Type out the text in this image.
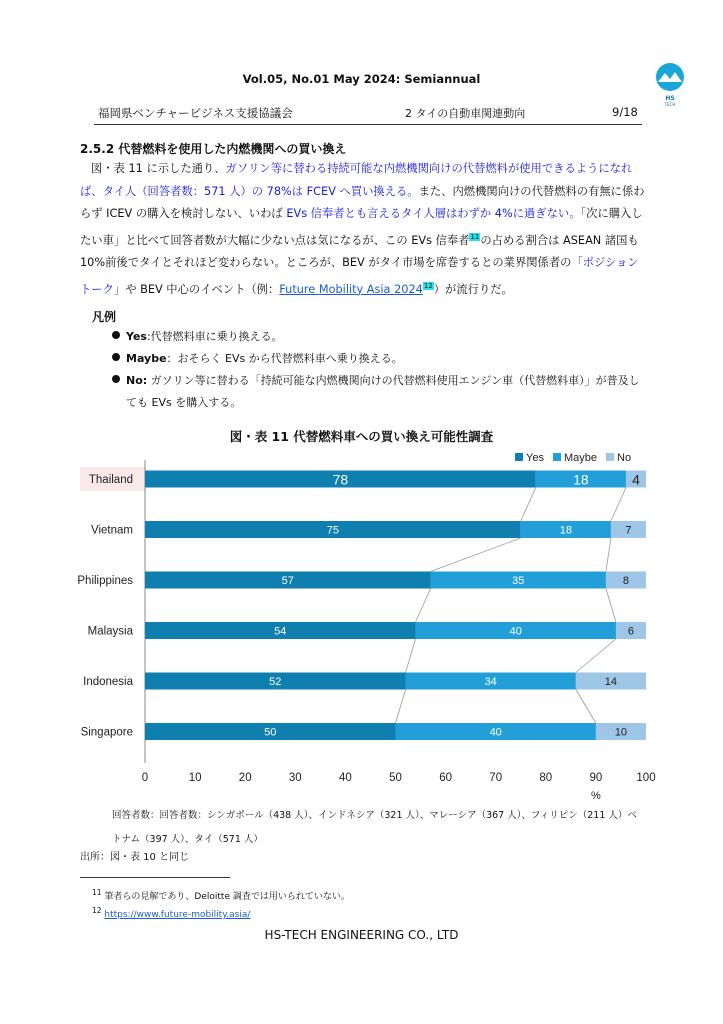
Vol.05, No.01 May 2024: Semiannual
HS
TECH
福岡県ベンチャービジネス支援協議会	2 タイの自動車関連動向	9/18
2.5.2 代替燃料を使用した内燃機関への買い換え
図・表 11 に示した通り、ガソリン等に替わる持続可能な内燃機関向けの代替燃料が使用できるようになれば、タイ人（回答者数：571 人）の 78%は FCEV へ買い換える。また、内燃機関向けの代替燃料の有無に係わらず ICEV の購入を検討しない、いわば EVs 信奉者とも言えるタイ人層はわずか 4%に過ぎない。「次に購入したい車」と比べて回答者数が大幅に少ない点は気になるが、この EVs 信奉者$^{11}$の占める割合は ASEAN 諸国も 10%前後でタイとそれほど変わらない。ところが、BEV がタイ市場を席巻するとの業界関係者の「ポジショントーク」や BEV 中心のイベント（例：Future Mobility Asia 2024$^{12}$）が流行りだ。
凡例
Yes:代替燃料車に乗り換える。
Maybe：おそらく EVs から代替燃料車へ乗り換える。
No: ガソリン等に替わる「持続可能な内燃機関向けの代替燃料使用エンジン車（代替燃料車）」が普及しても EVs を購入する。
図・表 11 代替燃料車への買い換え可能性調査
Thailand	78	18	4
Vietnam	75	18	7
Philippines	57	35	8
Malaysia	54	40	6
Indonesia	52	34	14
Singapore	50	40	10
0	10	20	30	40	50	60	70	80	90	100
%
Yes Maybe No
回答者数：回答者数：シンガポール（438 人）、インドネシア（321 人）、マレーシア（367 人）、フィリピン（211 人）ベトナム（397 人）、タイ（571 人）
出所：図・表 10 と同じ
$^{11}$ 筆者らの見解であり、Deloitte 調査では用いられていない。
$^{12}$ https://www.future-mobility.asia/
HS-TECH ENGINEERING CO., LTD
